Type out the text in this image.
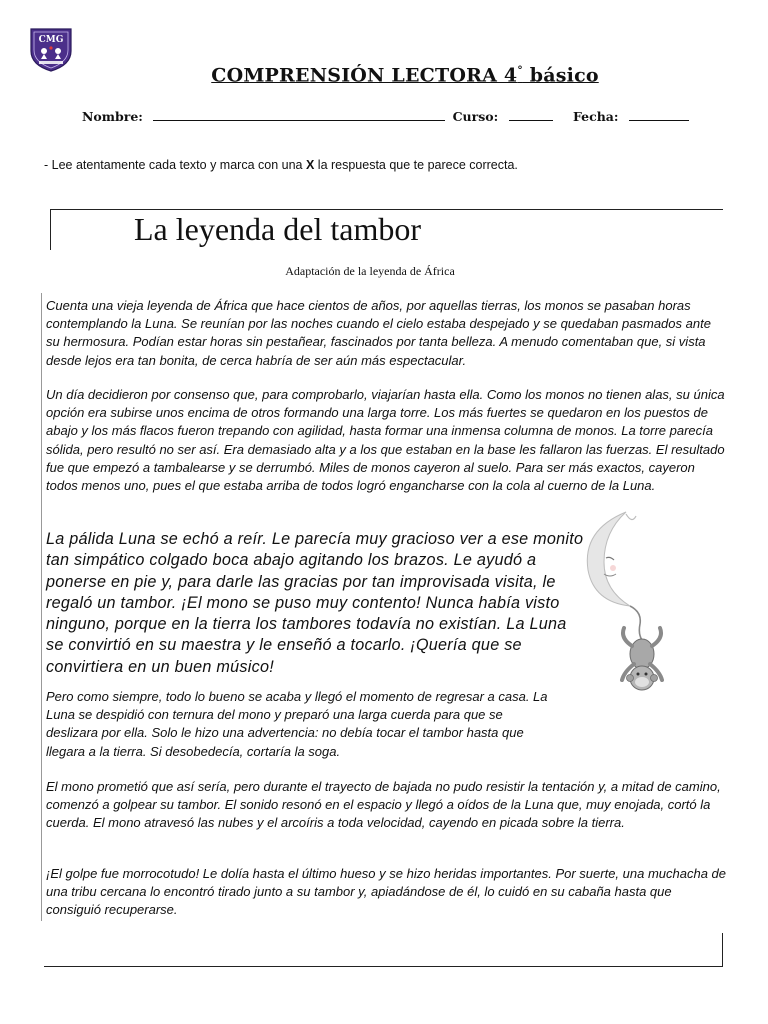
CMG
COMPRENSIÓN LECTORA 4° básico
Nombre:	Curso:	Fecha:
- Lee atentamente cada texto y marca con una X la respuesta que te parece correcta.
La leyenda del tambor
Adaptación de la leyenda de África

Cuenta una vieja leyenda de África que hace cientos de años, por aquellas tierras, los monos se pasaban horas contemplando la Luna. Se reunían por las noches cuando el cielo estaba despejado y se quedaban pasmados ante su hermosura. Podían estar horas sin pestañear, fascinados por tanta belleza. A menudo comentaban que, si vista desde lejos era tan bonita, de cerca habría de ser aún más espectacular.

Un día decidieron por consenso que, para comprobarlo, viajarían hasta ella. Como los monos no tienen alas, su única opción era subirse unos encima de otros formando una larga torre. Los más fuertes se quedaron en los puestos de abajo y los más flacos fueron trepando con agilidad, hasta formar una inmensa columna de monos. La torre parecía sólida, pero resultó no ser así. Era demasiado alta y a los que estaban en la base les fallaron las fuerzas. El resultado fue que empezó a tambalearse y se derrumbó. Miles de monos cayeron al suelo. Para ser más exactos, cayeron todos menos uno, pues el que estaba arriba de todos logró engancharse con la cola al cuerno de la Luna.

La pálida Luna se echó a reír. Le parecía muy gracioso ver a ese monito tan simpático colgado boca abajo agitando los brazos. Le ayudó a ponerse en pie y, para darle las gracias por tan improvisada visita, le regaló un tambor. ¡El mono se puso muy contento! Nunca había visto ninguno, porque en la tierra los tambores todavía no existían. La Luna se convirtió en su maestra y le enseñó a tocarlo. ¡Quería que se convirtiera en un buen músico!

Pero como siempre, todo lo bueno se acaba y llegó el momento de regresar a casa. La Luna se despidió con ternura del mono y preparó una larga cuerda para que se deslizara por ella. Solo le hizo una advertencia: no debía tocar el tambor hasta que llegara a la tierra. Si desobedecía, cortaría la soga.

El mono prometió que así sería, pero durante el trayecto de bajada no pudo resistir la tentación y, a mitad de camino, comenzó a golpear su tambor. El sonido resonó en el espacio y llegó a oídos de la Luna que, muy enojada, cortó la cuerda. El mono atravesó las nubes y el arcoíris a toda velocidad, cayendo en picada sobre la tierra.

¡El golpe fue morrocotudo! Le dolía hasta el último hueso y se hizo heridas importantes. Por suerte, una muchacha de una tribu cercana lo encontró tirado junto a su tambor y, apiadándose de él, lo cuidó en su cabaña hasta que consiguió recuperarse.
